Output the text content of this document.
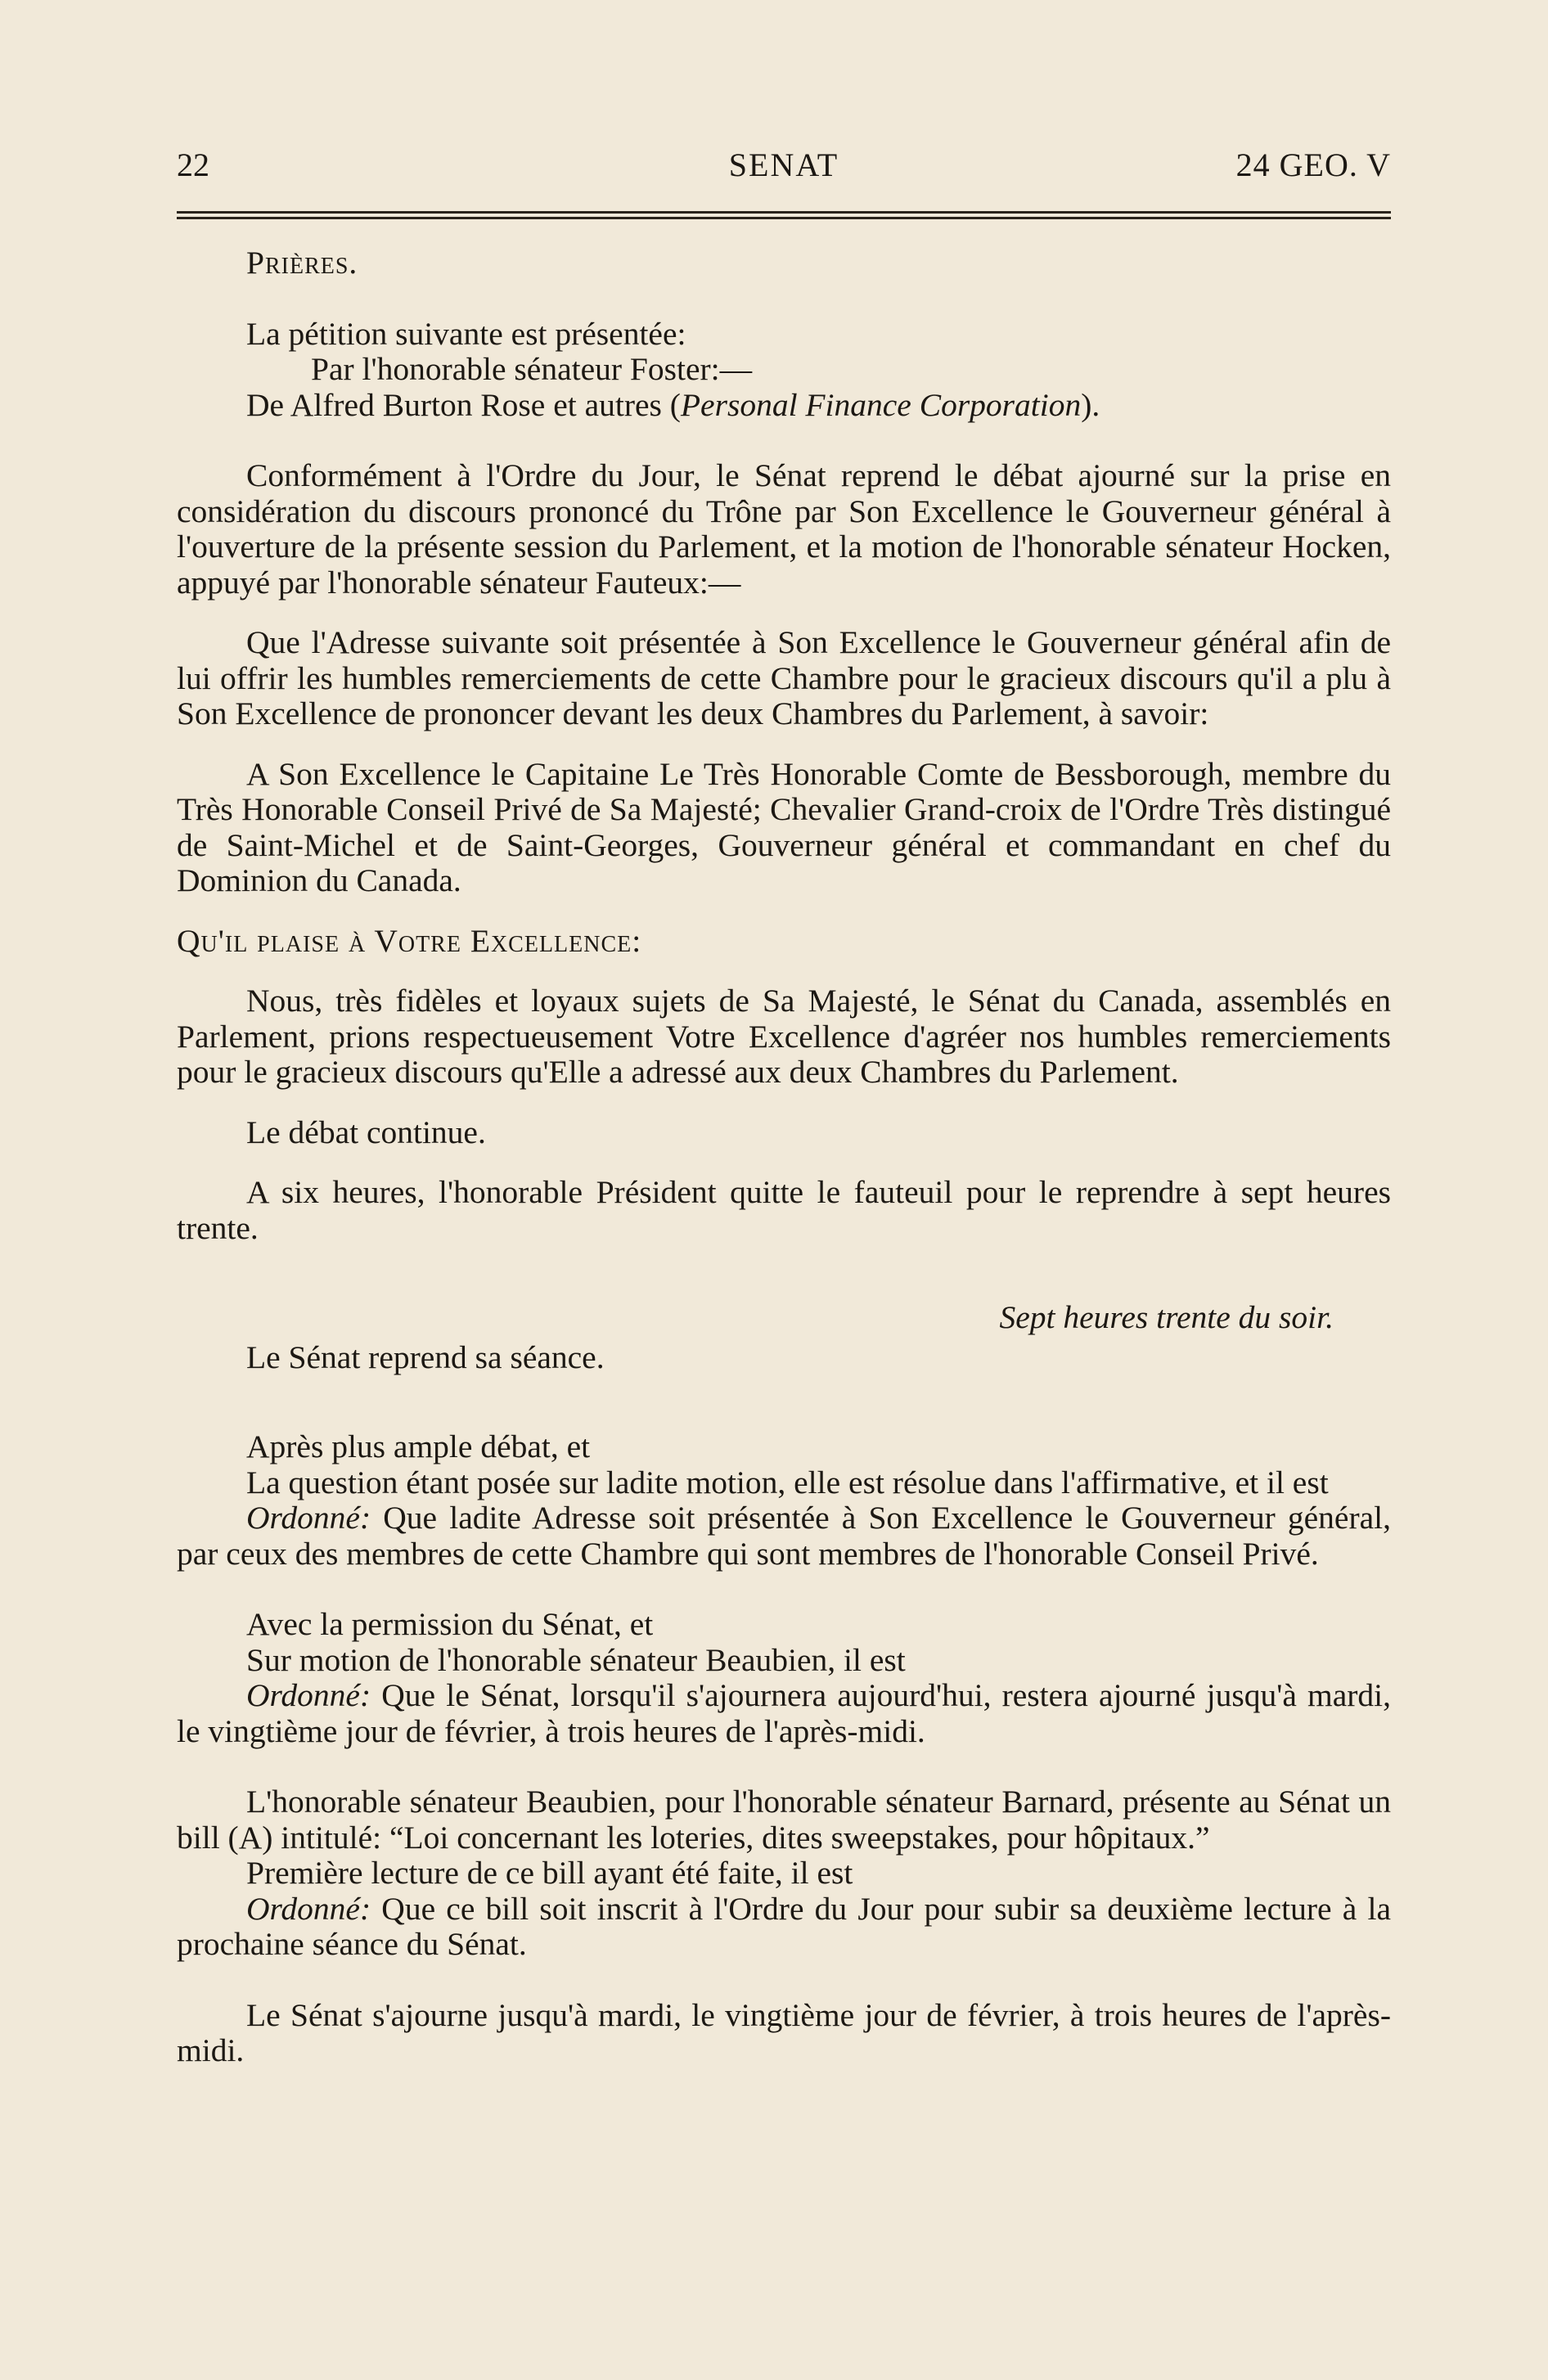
22	SENAT	24 GEO. V

Prières.

La pétition suivante est présentée:

Par l'honorable sénateur Foster:—

De Alfred Burton Rose et autres (Personal Finance Corporation).

Conformément à l'Ordre du Jour, le Sénat reprend le débat ajourné sur la prise en considération du discours prononcé du Trône par Son Excellence le Gouverneur général à l'ouverture de la présente session du Parlement, et la motion de l'honorable sénateur Hocken, appuyé par l'honorable sénateur Fauteux:—

Que l'Adresse suivante soit présentée à Son Excellence le Gouverneur général afin de lui offrir les humbles remerciements de cette Chambre pour le gracieux discours qu'il a plu à Son Excellence de prononcer devant les deux Chambres du Parlement, à savoir:

A Son Excellence le Capitaine Le Très Honorable Comte de Bessborough, membre du Très Honorable Conseil Privé de Sa Majesté; Chevalier Grand-croix de l'Ordre Très distingué de Saint-Michel et de Saint-Georges, Gouverneur général et commandant en chef du Dominion du Canada.

Qu'il plaise à Votre Excellence:

Nous, très fidèles et loyaux sujets de Sa Majesté, le Sénat du Canada, assemblés en Parlement, prions respectueusement Votre Excellence d'agréer nos humbles remerciements pour le gracieux discours qu'Elle a adressé aux deux Chambres du Parlement.

Le débat continue.

A six heures, l'honorable Président quitte le fauteuil pour le reprendre à sept heures trente.

Sept heures trente du soir.

Le Sénat reprend sa séance.

Après plus ample débat, et

La question étant posée sur ladite motion, elle est résolue dans l'affirmative, et il est

Ordonné: Que ladite Adresse soit présentée à Son Excellence le Gouverneur général, par ceux des membres de cette Chambre qui sont membres de l'honorable Conseil Privé.

Avec la permission du Sénat, et

Sur motion de l'honorable sénateur Beaubien, il est

Ordonné: Que le Sénat, lorsqu'il s'ajournera aujourd'hui, restera ajourné jusqu'à mardi, le vingtième jour de février, à trois heures de l'après-midi.

L'honorable sénateur Beaubien, pour l'honorable sénateur Barnard, présente au Sénat un bill (A) intitulé: “Loi concernant les loteries, dites sweepstakes, pour hôpitaux.”

Première lecture de ce bill ayant été faite, il est

Ordonné: Que ce bill soit inscrit à l'Ordre du Jour pour subir sa deuxième lecture à la prochaine séance du Sénat.

Le Sénat s'ajourne jusqu'à mardi, le vingtième jour de février, à trois heures de l'après-midi.
